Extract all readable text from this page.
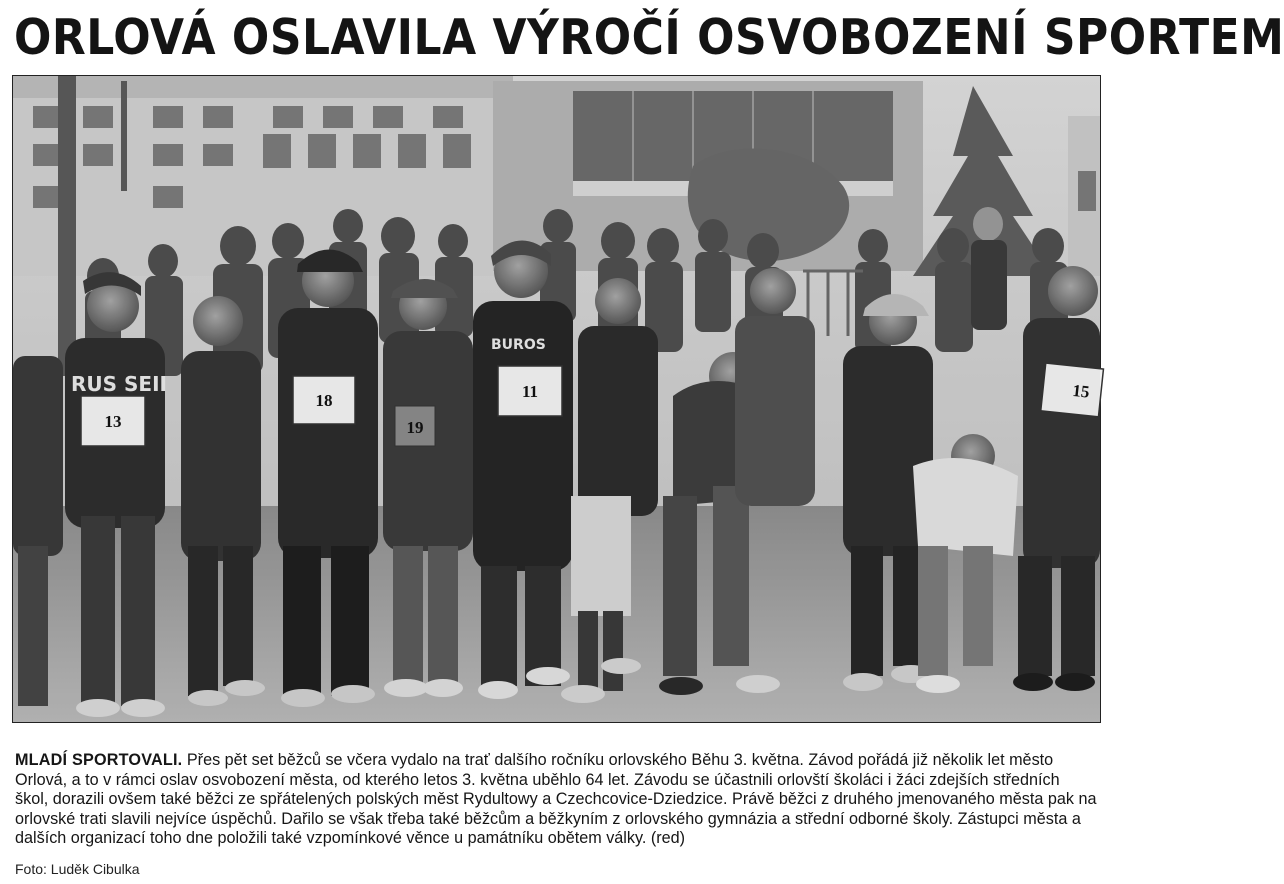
ORLOVÁ OSLAVILA VÝROČÍ OSVOBOZENÍ SPORTEM
RUS SEII
BUROS
13
18	11
19
15

MLADÍ SPORTOVALI. Přes pět set běžců se včera vydalo na trať dalšího ročníku orlovského Běhu 3. května. Závod pořádá již několik let město Orlová, a to v rámci oslav osvobození města, od kterého letos 3. května uběhlo 64 let. Závodu se účastnili orlovští školáci i žáci zdejších středních škol, dorazili ovšem také běžci ze spřátelených polských měst Rydultowy a Czechcovice-Dziedzice. Právě běžci z druhého jmenovaného města pak na orlovské trati slavili nejvíce úspěchů. Dařilo se však třeba také běžcům a běžkyním z orlovského gymnázia a střední odborné školy. Zástupci města a dalších organizací toho dne položili také vzpomínkové věnce u památníku obětem války. (red)

Foto: Luděk Cibulka
